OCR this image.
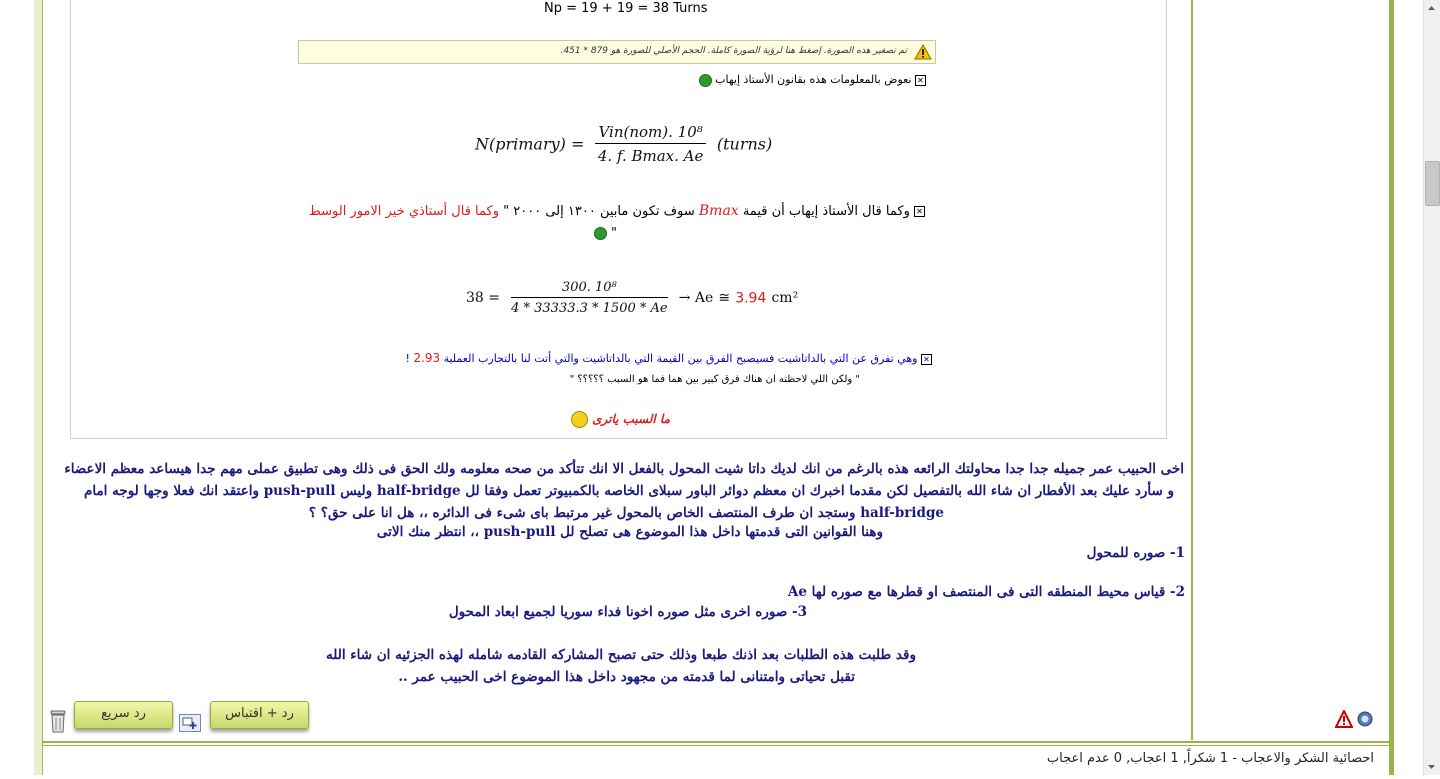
Np = 19 + 19 = 38 Turns
تم تصغير هذه الصورة. إضغط هنا لرؤية الصورة كاملة. الحجم الأصلي للصورة هو 879 * 451.
✕ نعوض بالمعلومات هذه بقانون الأستاذ إيهاب
N(primary) = $\frac{\text{Vin(nom). 10⁸}}{4. f. Bmax. Ae}$ (turns)
✕ وكما قال الأستاذ إيهاب أن قيمة Bmax سوف تكون مابين ١٣٠٠ إلى ٢٠٠٠ " وكما قال أستاذي خير الامور الوسط
"
$38 = \frac{\text{300. 10⁸}}{4 * 33333.3 * 1500 * Ae} \to Ae$ ≅ 3.94 cm²
✕ وهي تفرق عن التي بالداتاشيت فسيصبح الفرق بين القيمة التي بالداتاشيت والتي أتت لنا بالتجارب العملية 2.93 !
" ولكن اللي لاحظته ان هناك فرق كبير بين هما فما هو السبب ؟؟؟؟؟ "
ما السبب ياترى
اخى الحبيب عمر جميله جدا جدا محاولتك الرائعه هذه بالرغم من انك لديك داتا شيت المحول بالفعل الا انك تتأكد من صحه معلومه ولك الحق فى ذلك وهى تطبيق عملى مهم جدا هيساعد معظم الاعضاء
و سأرد عليك بعد الأفطار ان شاء الله بالتفصيل لكن مقدما اخبرك ان معظم دوائر الباور سبلاى الخاصه بالكمبيوتر تعمل وفقا لل half-bridge وليس push-pull واعتقد انك فعلا وجها لوجه امام
half-bridge وستجد ان طرف المنتصف الخاص بالمحول غير مرتبط باى شىء فى الدائره ،، هل انا على حق؟ ؟
وهنا القوانين التى قدمتها داخل هذا الموضوع هى تصلح لل push-pull ،، انتظر منك الاتى
1- صوره للمحول
2- قياس محيط المنطقه التى فى المنتصف او قطرها مع صوره لها Ae
3- صوره اخرى مثل صوره اخونا فداء سوريا لجميع ابعاد المحول
وقد طلبت هذه الطلبات بعد اذنك طبعا وذلك حتى تصبح المشاركه القادمه شامله لهذه الجزئيه ان شاء الله
تقبل تحياتى وامتنانى لما قدمته من مجهود داخل هذا الموضوع اخى الحبيب عمر ..
رد + اقتباس
رد سريع
احصائية الشكر والاعجاب - 1 شكراً, 1 اعجاب, 0 عدم اعجاب
